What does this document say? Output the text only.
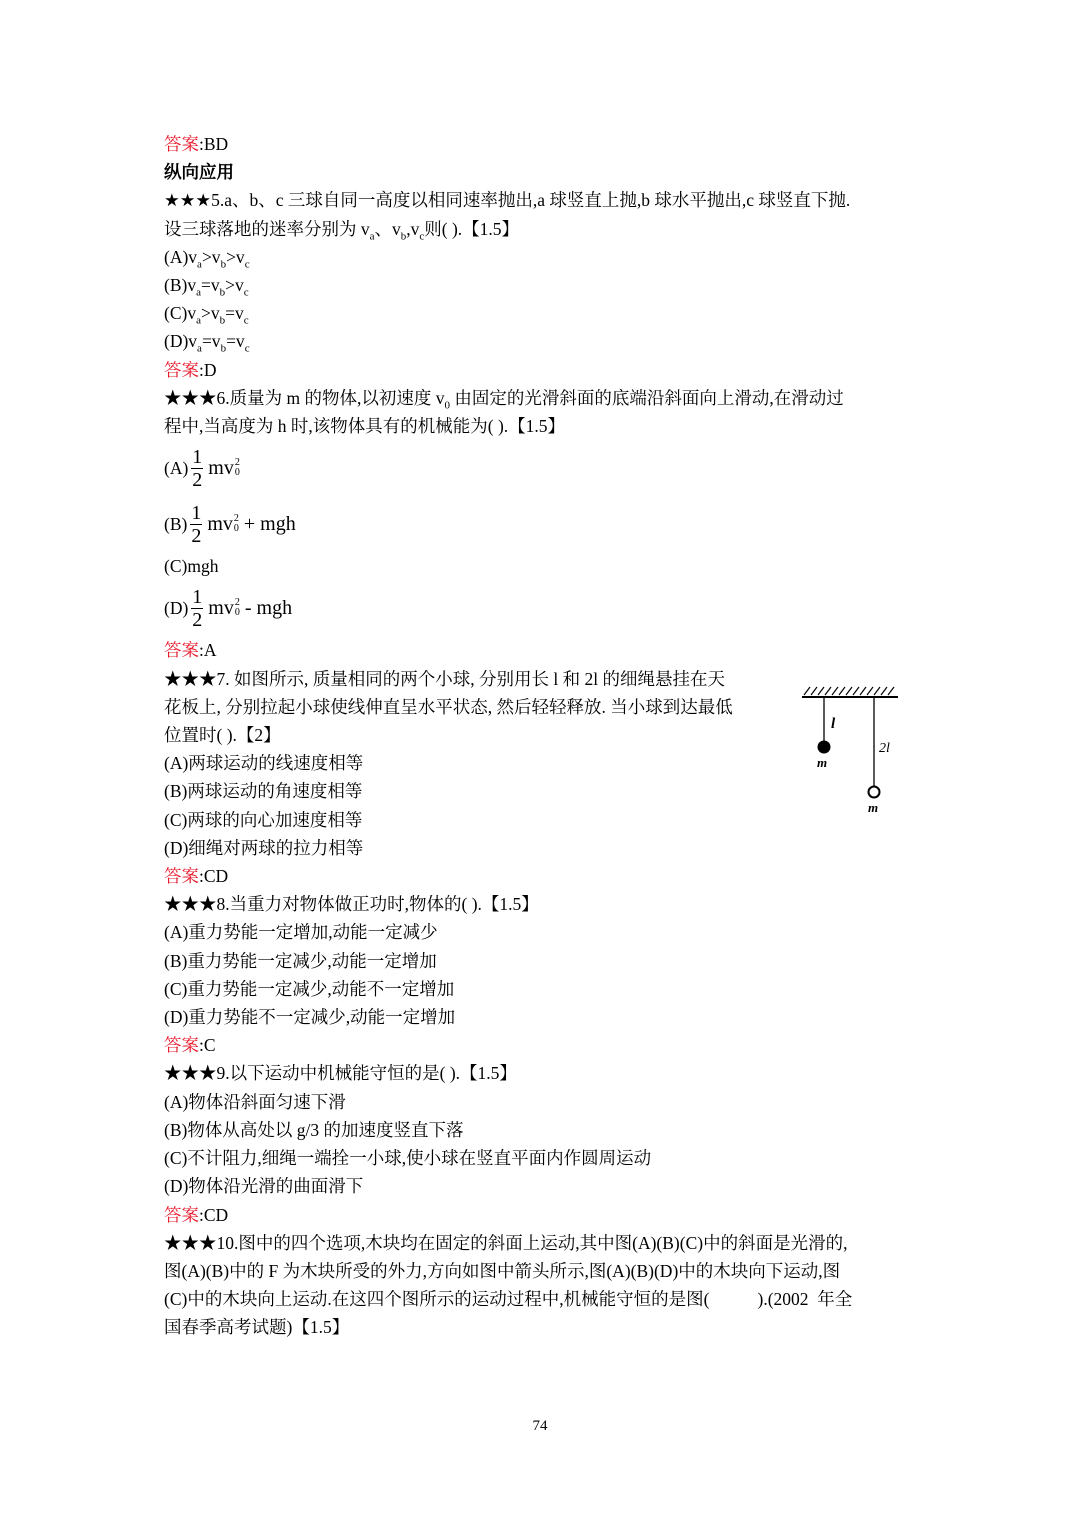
答案:BD
纵向应用
★★★5.a、b、c 三球自同一高度以相同速率抛出,a 球竖直上抛,b 球水平抛出,c 球竖直下抛.
设三球落地的迷率分别为 $v_a$、$v_b,v_c$则( ).【1.5】
$(A)v_a>v_b>v_c$
$(B)v_a=v_b>v_c$
$(C)v_a>v_b=v_c$
$(D)v_a=v_b=v_c$
答案:D
★★★6.质量为 m 的物体,以初速度 $v_0$ 由固定的光滑斜面的底端沿斜面向上滑动,在滑动过
程中,当高度为 h 时,该物体具有的机械能为( ).【1.5】
$(A) \frac{1}{2}$ mv 2
0
$(B) \frac{1}{2}$ mv 2
0 + mgh
(C)mgh
$(D) \frac{1}{2}$ mv 2
0 - mgh
答案:A
★★★7. 如图所示, 质量相同的两个小球, 分别用长 l 和 2l 的细绳悬挂在天
花板上, 分别拉起小球使线伸直呈水平状态, 然后轻轻释放. 当小球到达最低
位置时( ).【2】
(A)两球运动的线速度相等
(B)两球运动的角速度相等
(C)两球的向心加速度相等
(D)细绳对两球的拉力相等
答案:CD
★★★8.当重力对物体做正功时,物体的( ).【1.5】
(A)重力势能一定增加,动能一定减少
(B)重力势能一定减少,动能一定增加
(C)重力势能一定减少,动能不一定增加
(D)重力势能不一定减少,动能一定增加
答案:C
★★★9.以下运动中机械能守恒的是( ).【1.5】
(A)物体沿斜面匀速下滑
(B)物体从高处以 g/3 的加速度竖直下落
(C)不计阻力,细绳一端拴一小球,使小球在竖直平面内作圆周运动
(D)物体沿光滑的曲面滑下
答案:CD
★★★10.图中的四个选项,木块均在固定的斜面上运动,其中图(A)(B)(C)中的斜面是光滑的,
图(A)(B)中的 F 为木块所受的外力,方向如图中箭头所示,图(A)(B)(D)中的木块向下运动,图
(C)中的木块向上运动.在这四个图所示的运动过程中,机械能守恒的是图(           ).(2002  年全
国春季高考试题)【1.5】
l
2l
m
m
74
